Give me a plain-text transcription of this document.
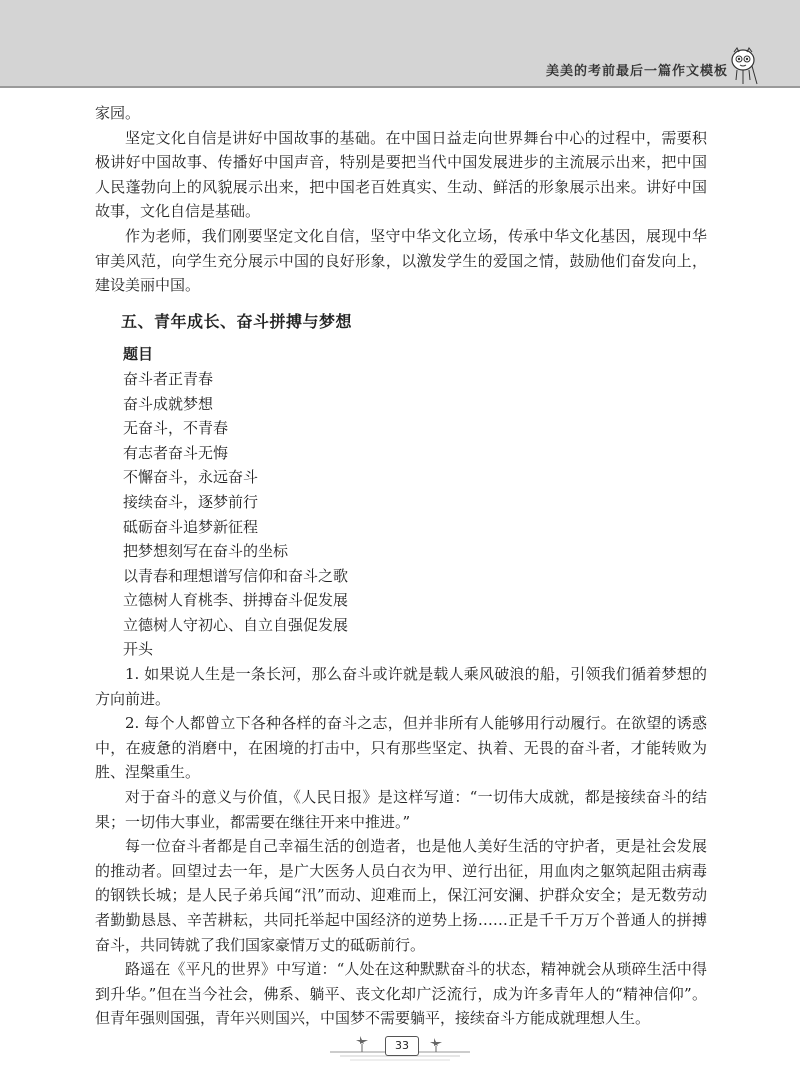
美美的考前最后一篇作文模板

家园。

坚定文化自信是讲好中国故事的基础。在中国日益走向世界舞台中心的过程中，需要积极讲好中国故事、传播好中国声音，特别是要把当代中国发展进步的主流展示出来，把中国人民蓬勃向上的风貌展示出来，把中国老百姓真实、生动、鲜活的形象展示出来。讲好中国故事，文化自信是基础。

作为老师，我们刚要坚定文化自信，坚守中华文化立场，传承中华文化基因，展现中华审美风范，向学生充分展示中国的良好形象，以激发学生的爱国之情，鼓励他们奋发向上，建设美丽中国。

五、青年成长、奋斗拼搏与梦想

题目

奋斗者正青春

奋斗成就梦想

无奋斗，不青春

有志者奋斗无悔

不懈奋斗，永远奋斗

接续奋斗，逐梦前行

砥砺奋斗追梦新征程

把梦想刻写在奋斗的坐标

以青春和理想谱写信仰和奋斗之歌

立德树人育桃李、拼搏奋斗促发展

立德树人守初心、自立自强促发展

开头

1. 如果说人生是一条长河，那么奋斗或许就是载人乘风破浪的船，引领我们循着梦想的方向前进。

2. 每个人都曾立下各种各样的奋斗之志，但并非所有人能够用行动履行。在欲望的诱惑中，在疲惫的消磨中，在困境的打击中，只有那些坚定、执着、无畏的奋斗者，才能转败为胜、涅槃重生。

对于奋斗的意义与价值，《人民日报》是这样写道：“一切伟大成就，都是接续奋斗的结果；一切伟大事业，都需要在继往开来中推进。”

每一位奋斗者都是自己幸福生活的创造者，也是他人美好生活的守护者，更是社会发展的推动者。回望过去一年，是广大医务人员白衣为甲、逆行出征，用血肉之躯筑起阻击病毒的钢铁长城；是人民子弟兵闻“汛”而动、迎难而上，保江河安澜、护群众安全；是无数劳动者勤勤恳恳、辛苦耕耘，共同托举起中国经济的逆势上扬……正是千千万万个普通人的拼搏奋斗，共同铸就了我们国家豪情万丈的砥砺前行。

路遥在《平凡的世界》中写道：“人处在这种默默奋斗的状态，精神就会从琐碎生活中得到升华。”但在当今社会，佛系、躺平、丧文化却广泛流行，成为许多青年人的“精神信仰”。但青年强则国强，青年兴则国兴，中国梦不需要躺平，接续奋斗方能成就理想人生。

33
